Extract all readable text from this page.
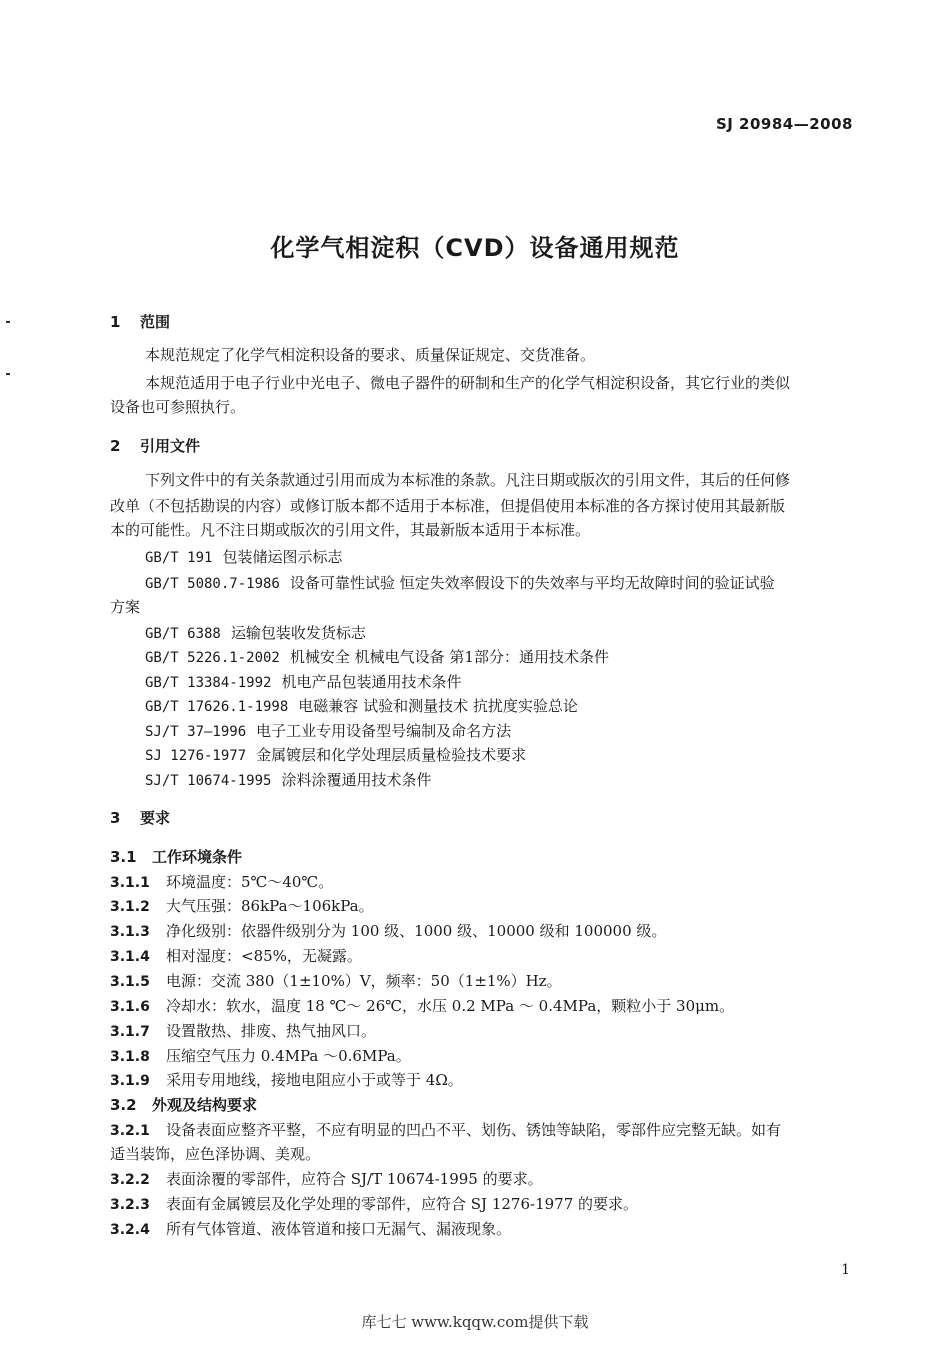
SJ 20984—2008
化学气相淀积（CVD）设备通用规范
1 范围
本规范规定了化学气相淀积设备的要求、质量保证规定、交货准备。
本规范适用于电子行业中光电子、微电子器件的研制和生产的化学气相淀积设备，其它行业的类似
设备也可参照执行。
2 引用文件
下列文件中的有关条款通过引用而成为本标准的条款。凡注日期或版次的引用文件，其后的任何修
改单（不包括勘误的内容）或修订版本都不适用于本标准，但提倡使用本标准的各方探讨使用其最新版
本的可能性。凡不注日期或版次的引用文件，其最新版本适用于本标准。
GB/T 191 包装储运图示标志
GB/T 5080.7-1986 设备可靠性试验 恒定失效率假设下的失效率与平均无故障时间的验证试验
方案
GB/T 6388 运输包装收发货标志
GB/T 5226.1-2002 机械安全 机械电气设备 第1部分：通用技术条件
GB/T 13384-1992 机电产品包装通用技术条件
GB/T 17626.1-1998 电磁兼容 试验和测量技术 抗扰度实验总论
SJ/T 37—1996 电子工业专用设备型号编制及命名方法
SJ 1276-1977 金属镀层和化学处理层质量检验技术要求
SJ/T 10674-1995 涂料涂覆通用技术条件
3 要求
3.1 工作环境条件
3.1.1 环境温度：5℃～40℃。
3.1.2 大气压强：86kPa～106kPa。
3.1.3 净化级别：依器件级别分为 100 级、1000 级、10000 级和 100000 级。
3.1.4 相对湿度：<85%，无凝露。
3.1.5 电源：交流 380（1±10%）V，频率：50（1±1%）Hz。
3.1.6 冷却水：软水，温度 18 ℃～ 26℃，水压 0.2 MPa ～ 0.4MPa，颗粒小于 30μm。
3.1.7 设置散热、排废、热气抽风口。
3.1.8 压缩空气压力 0.4MPa ～0.6MPa。
3.1.9 采用专用地线，接地电阻应小于或等于 4Ω。
3.2 外观及结构要求
3.2.1 设备表面应整齐平整，不应有明显的凹凸不平、划伤、锈蚀等缺陷，零部件应完整无缺。如有
适当装饰，应色泽协调、美观。
3.2.2 表面涂覆的零部件，应符合 SJ/T 10674-1995 的要求。
3.2.3 表面有金属镀层及化学处理的零部件，应符合 SJ 1276-1977 的要求。
3.2.4 所有气体管道、液体管道和接口无漏气、漏液现象。
1
库七七 www.kqqw.com提供下载
